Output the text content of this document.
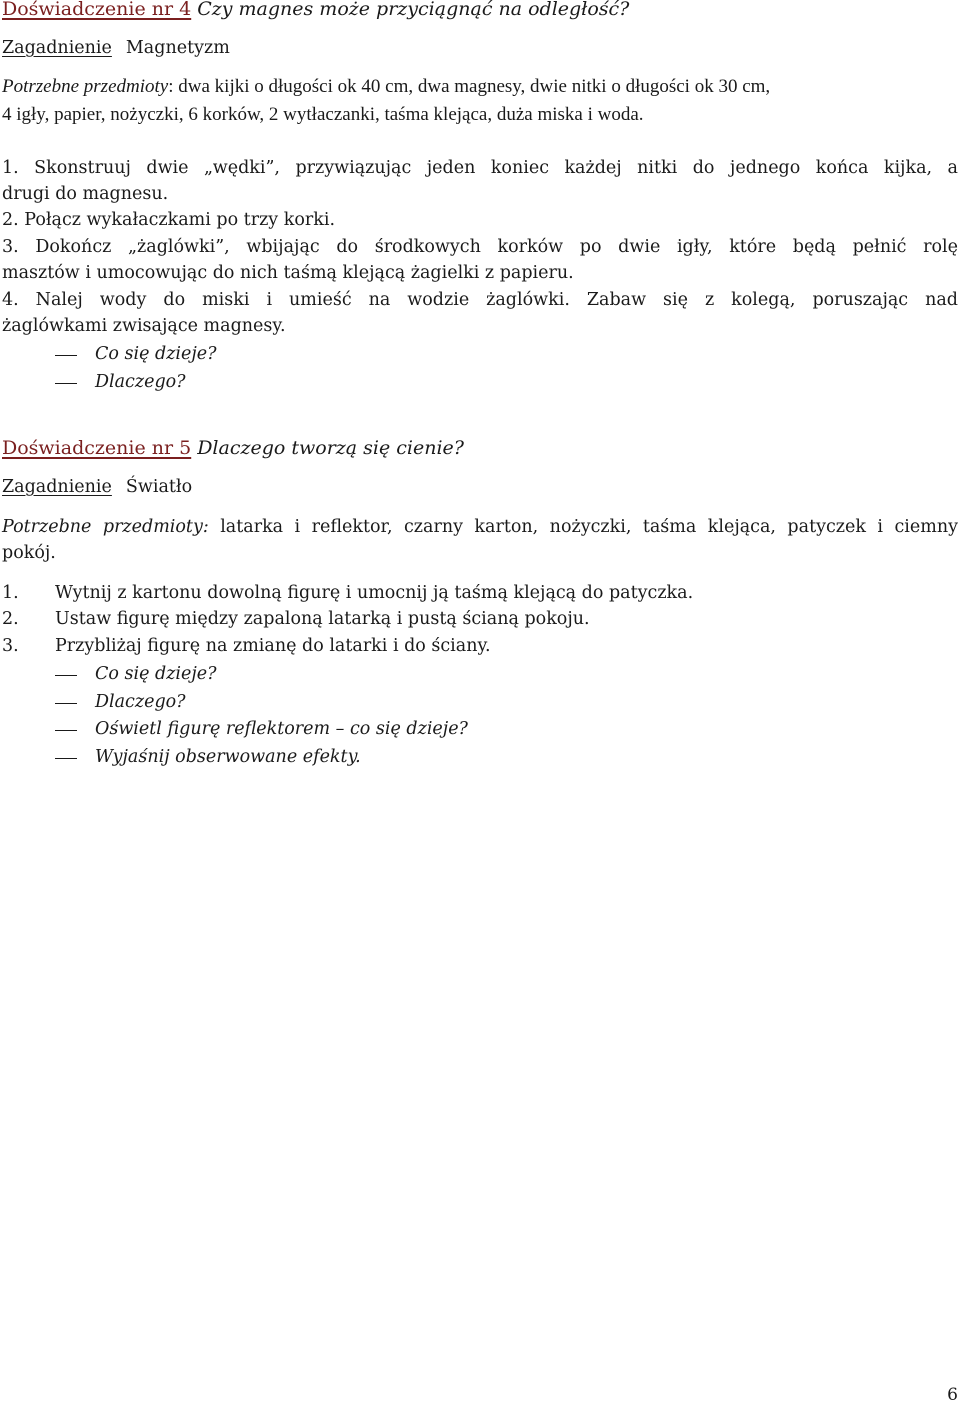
Doświadczenie nr 4 Czy magnes może przyciągnąć na odległość?
Zagadnienie Magnetyzm
Potrzebne przedmioty: dwa kijki o długości ok 40 cm, dwa magnesy, dwie nitki o długości ok 30 cm,
4 igły, papier, nożyczki, 6 korków, 2 wytłaczanki, taśma klejąca, duża miska i woda.
1. Skonstruuj dwie „wędki”, przywiązując jeden koniec każdej nitki do jednego końca kijka, a
drugi do magnesu.
2. Połącz wykałaczkami po trzy korki.
3. Dokończ „żaglówki”, wbijając do środkowych korków po dwie igły, które będą pełnić rolę
masztów i umocowując do nich taśmą klejącą żagielki z papieru.
4. Nalej wody do miski i umieść na wodzie żaglówki. Zabaw się z kolegą, poruszając nad
żaglówkami zwisające magnesy.
Co się dzieje?
Dlaczego?
Doświadczenie nr 5 Dlaczego tworzą się cienie?
Zagadnienie Światło
Potrzebne przedmioty: latarka i reflektor, czarny karton, nożyczki, taśma klejąca, patyczek i ciemny
pokój.
1.	Wytnij z kartonu dowolną figurę i umocnij ją taśmą klejącą do patyczka.
2.	Ustaw figurę między zapaloną latarką i pustą ścianą pokoju.
3.	Przybliżaj figurę na zmianę do latarki i do ściany.
Co się dzieje?
Dlaczego?
Oświetl figurę reflektorem – co się dzieje?
Wyjaśnij obserwowane efekty.
6
